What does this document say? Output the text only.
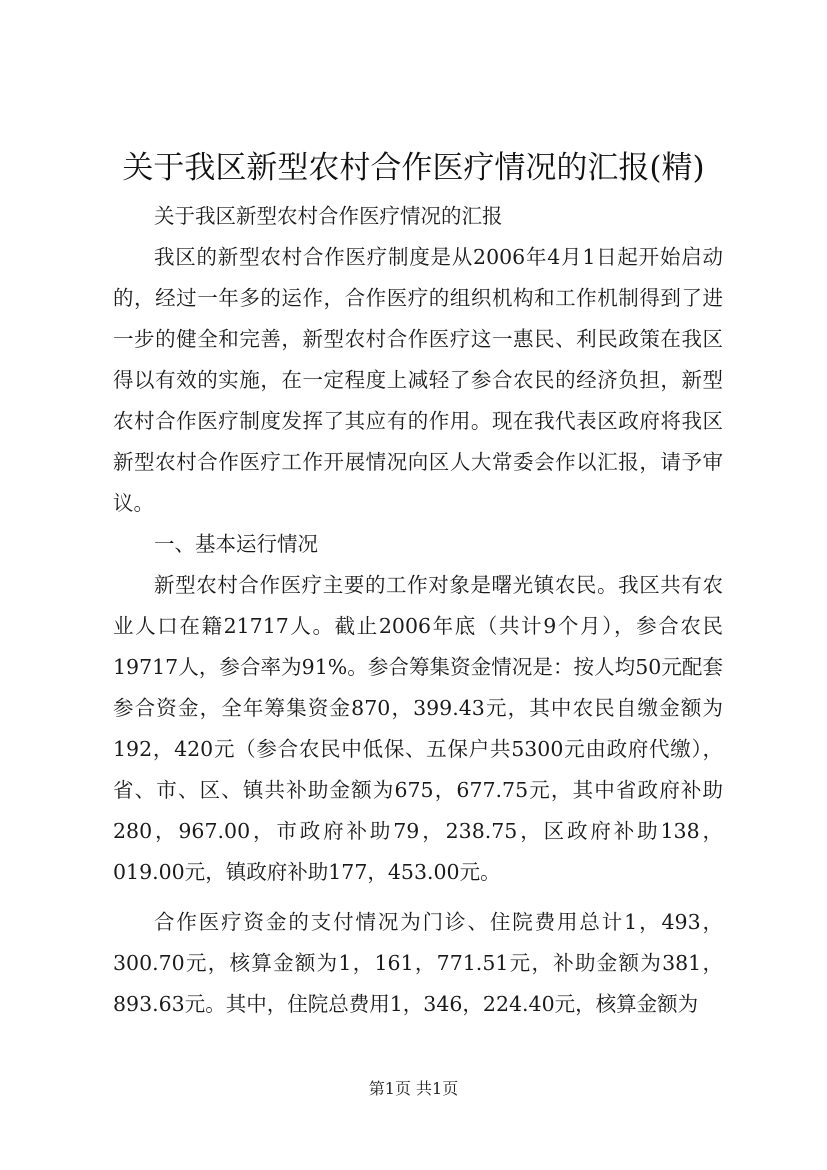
关于我区新型农村合作医疗情况的汇报(精)

关于我区新型农村合作医疗情况的汇报

我区的新型农村合作医疗制度是从2006年4月1日起开始启动的，经过一年多的运作，合作医疗的组织机构和工作机制得到了进一步的健全和完善，新型农村合作医疗这一惠民、利民政策在我区得以有效的实施，在一定程度上减轻了参合农民的经济负担，新型农村合作医疗制度发挥了其应有的作用。现在我代表区政府将我区新型农村合作医疗工作开展情况向区人大常委会作以汇报，请予审议。

一、基本运行情况

新型农村合作医疗主要的工作对象是曙光镇农民。我区共有农业人口在籍21717人。截止2006年底（共计9个月），参合农民19717人，参合率为91%。参合筹集资金情况是：按人均50元配套参合资金，全年筹集资金870，399.43元，其中农民自缴金额为192，420元（参合农民中低保、五保户共5300元由政府代缴），省、市、区、镇共补助金额为675，677.75元，其中省政府补助280，967.00，市政府补助79，238.75，区政府补助138，019.00元，镇政府补助177，453.00元。

合作医疗资金的支付情况为门诊、住院费用总计1，493，300.70元，核算金额为1，161，771.51元，补助金额为381，893.63元。其中，住院总费用1，346，224.40元，核算金额为

第1页 共1页
